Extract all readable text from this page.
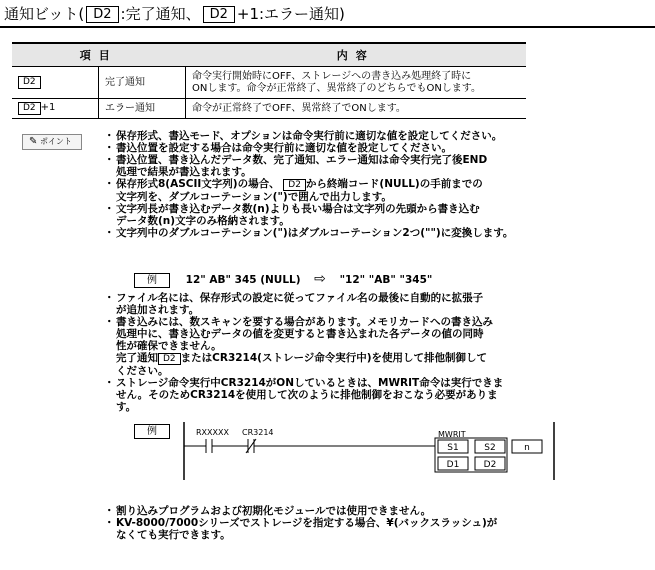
通知ビット( D2 :完了通知、 D2 +1:エラー通知)
項目		内容
D2	完了通知	命令実行開始時にOFF、ストレージへの書き込み処理終了時に
ONします。命令が正常終了、異常終了のどちらでもONします。

D2 +1	エラー通知	命令が正常終了でOFF、異常終了でONします。
✎ ポイント	・ 保存形式、書込モード、オプションは命令実行前に適切な値を設定してください。
・ 書込位置を設定する場合は命令実行前に適切な値を設定してください。
・ 書込位置、書き込んだデータ数、完了通知、エラー通知は命令実行完了後END
処理で結果が書込まれます。
・ 保存形式8(ASCII文字列)の場合、 D2 から終端コード(NULL)の手前までの
文字列を、ダブルコーテーション(")で囲んで出力します。
・ 文字列長が書き込むデータ数(n)よりも長い場合は文字列の先頭から書き込む
データ数(n)文字のみ格納されます。
・ 文字列中のダブルコーテーション(")はダブルコーテーション2つ("")に変換します。
例	12" AB" 345 (NULL) ⇨ "12" "AB" "345"
・ ファイル名には、保存形式の設定に従ってファイル名の最後に自動的に拡張子
が追加されます。
・ 書き込みには、数スキャンを要する場合があります。メモリカードへの書き込み
処理中に、書き込むデータの値を変更すると書き込まれた各データの値の同時
性が確保できません。
完了通知 D2 またはCR3214(ストレージ命令実行中)を使用して排他制御して
ください。
・ ストレージ命令実行中CR3214がONしているときは、MWRIT命令は実行できま
せん。そのためCR3214を使用して次のように排他制御をおこなう必要がありま
す。
例	RXXXXX CR3214	MWRIT
S1	S2	n
D1	D2
・ 割り込みプログラムおよび初期化モジュールでは使用できません。
・ KV-8000/7000シリーズでストレージを指定する場合、¥(バックスラッシュ)が
なくても実行できます。
